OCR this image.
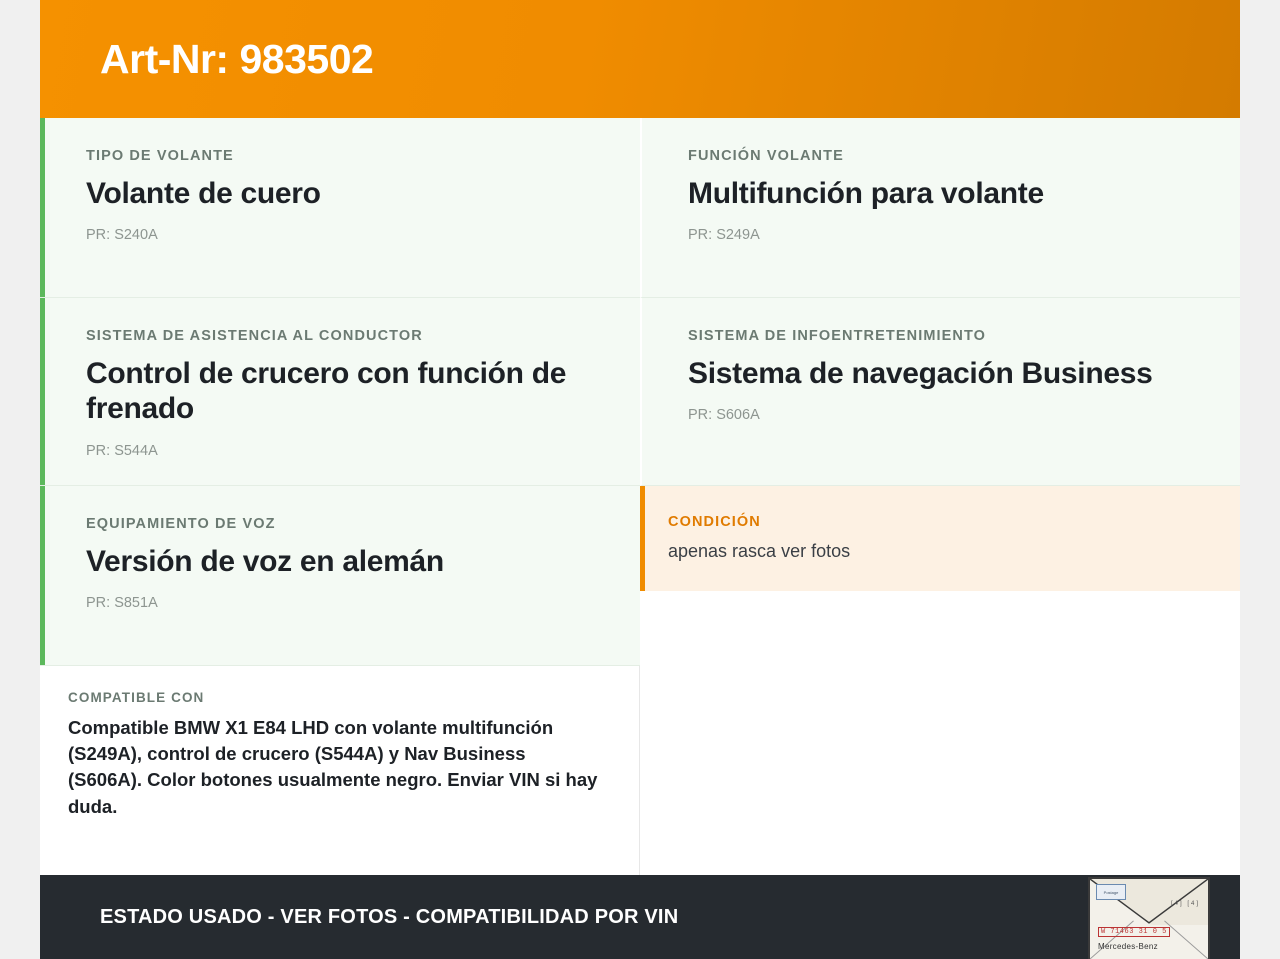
Art-Nr: 983502

TIPO DE VOLANTE

Volante de cuero

PR: S240A

FUNCIÓN VOLANTE

Multifunción para volante

PR: S249A

SISTEMA DE ASISTENCIA AL CONDUCTOR

Control de crucero con función de frenado

PR: S544A

SISTEMA DE INFOENTRETENIMIENTO

Sistema de navegación Business

PR: S606A

EQUIPAMIENTO DE VOZ

Versión de voz en alemán

PR: S851A

CONDICIÓN

apenas rasca ver fotos

COMPATIBLE CON

Compatible BMW X1 E84 LHD con volante multifunción (S249A), control de crucero (S544A) y Nav Business (S606A). Color botones usualmente negro. Enviar VIN si hay duda.

ESTADO USADO - VER FOTOS - COMPATIBILIDAD POR VIN
Postage
[4] [4]
W 71463 31 0 5
Mercedes-Benz
